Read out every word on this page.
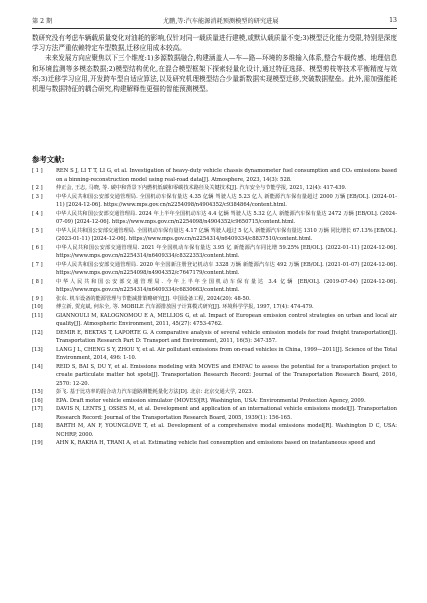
第 2 期	尤鹏,等:汽车能源消耗预测模型的研究进展	13

数研究没有考虑车辆载质量变化对油耗的影响,仅针对同一载质量进行建模,或默认载质量不变;3)模型泛化能力受限,特别是深度学习方法严重依赖特定车型数据,迁移应用成本较高。

未来发展方向应聚焦以下三个维度:1)多源数据融合,构建涵盖人—车—路—环境的多维输入体系,整合车载传感、地理信息和环境监测等多模态数据;2)模型结构优化,在混合模型框架下探索轻量化设计,通过特征选择、模型剪枝等技术平衡精度与效率;3)迁移学习应用,开发跨车型自适应算法,以及研究机理模型结合少量新数据实现模型迁移,突破数据壁垒。此外,需加强能耗机理与数据特征的耦合研究,构建解释性更强的智能预测模型。

参考文献:
[ 1 ]	REN S J, LI T T, LI G, et al. Investigation of heavy-duty vehicle chassis dynamometer fuel consumption and CO₂ emissions based on a binning-reconstruction model using real-road data[J]. Atmosphere, 2023, 14(3): 528.
[ 2 ]	仲正会, 王志, 马晓, 等. 碳中和背景下内燃机低碳和零碳技术路径及关键技术[J]. 汽车安全与节能学报, 2021, 12(4): 417-439.
[ 3 ]	中华人民共和国公安部交通管理局. 全国机动车保有量达 4.35 亿辆 驾驶人达 5.23 亿人 新能源汽车保有量超过 2000 万辆 [EB/OL]. (2024-01-11) [2024-12-06]. https://www.mps.gov.cn/n2254098/n4904352/c9384864/content.html.
[ 4 ]	中华人民共和国公安部交通管理局. 2024 年上半年全国机动车达 4.4 亿辆 驾驶人达 5.32 亿人 新能源汽车保有量达 2472 万辆 [EB/OL]. (2024-07-09) [2024-12-06]. https://www.mps.gov.cn/n2254098/n4904352/c9650715/content.html.
[ 5 ]	中华人民共和国公安部交通管理局. 全国机动车保有量达 4.17 亿辆 驾驶人超过 5 亿人 新能源汽车保有量达 1310 万辆 同比增长 67.13% [EB/OL]. (2023-01-11) [2024-12-06]. https://www.mps.gov.cn/n2254314/n6409334/c8837510/content.html.
[ 6 ]	中华人民共和国公安部交通管理局. 2021 年全国机动车保有量达 3.95 亿 新能源汽车同比增 59.25% [EB/OL]. (2022-01-11) [2024-12-06]. https://www.mps.gov.cn/n2254314/n6409334/c8322353/content.html.
[ 7 ]	中华人民共和国公安部交通管理局. 2020 年全国新注册登记机动车 3328 万辆 新能源汽车达 492 万辆 [EB/OL]. (2021-01-07) [2024-12-06]. https://www.mps.gov.cn/n2254098/n4904352/c7647179/content.html.
[ 8 ]	中华人民共和国公安部交通管理局. 今年上半年全国机动车保有量达 3.4 亿辆 [EB/OL]. (2019-07-04) [2024-12-06]. https://www.mps.gov.cn/n2254314/n6409334/c6830663/content.html.
[ 9 ]	张东. 机车设备的能源管理与节能减排策略研究[J]. 中国设备工程, 2024(20): 48-50.
[10]	傅立新, 贺克斌, 何东全, 等. MOBILE 汽车源排放因子计算模式研究[J]. 环境科学学报, 1997, 17(4): 474-479.
[11]	GIANNOULI M, KALOGNOMOU E A, MELLIOS G, et al. Impact of European emission control strategies on urban and local air quality[J]. Atmospheric Environment, 2011, 45(27): 4753-4762.
[12]	DEMIR E, BEKTAS T, LAPORTE G. A comparative analysis of several vehicle emission models for road freight transportation[J]. Transportation Research Part D: Transport and Environment, 2011, 16(5): 347-357.
[13]	LANG J L, CHENG S Y, ZHOU Y, et al. Air pollutant emissions from on-road vehicles in China, 1999—2011[J]. Science of the Total Environment, 2014, 496: 1-10.
[14]	REID S, BAI S, DU Y, et al. Emissions modeling with MOVES and EMFAC to assess the potential for a transportation project to create particulate matter hot spots[J]. Transportation Research Record: Journal of the Transportation Research Board, 2016, 2570: 12-20.
[15]	彭飞. 基于比功率的混合动力汽车道路测能耗量化方法[D]. 北京: 北京交通大学, 2023.
[16]	EPA. Draft motor vehicle emission simulator (MOVES)[R]. Washington, USA: Environmental Protection Agency, 2009.
[17]	DAVIS N, LENTS J, OSSES M, et al. Development and application of an international vehicle emissions model[J]. Transportation Research Record: Journal of the Transportation Research Board, 2005, 1939(1): 156-165.
[18]	BARTH M, AN F, YOUNGLOVE T, et al. Development of a comprehensive modal emissions model[R]. Washington D C, USA: NCHRP, 2000.
[19]	AHN K, RAKHA H, TRANI A, et al. Estimating vehicle fuel consumption and emissions based on instantaneous speed and
